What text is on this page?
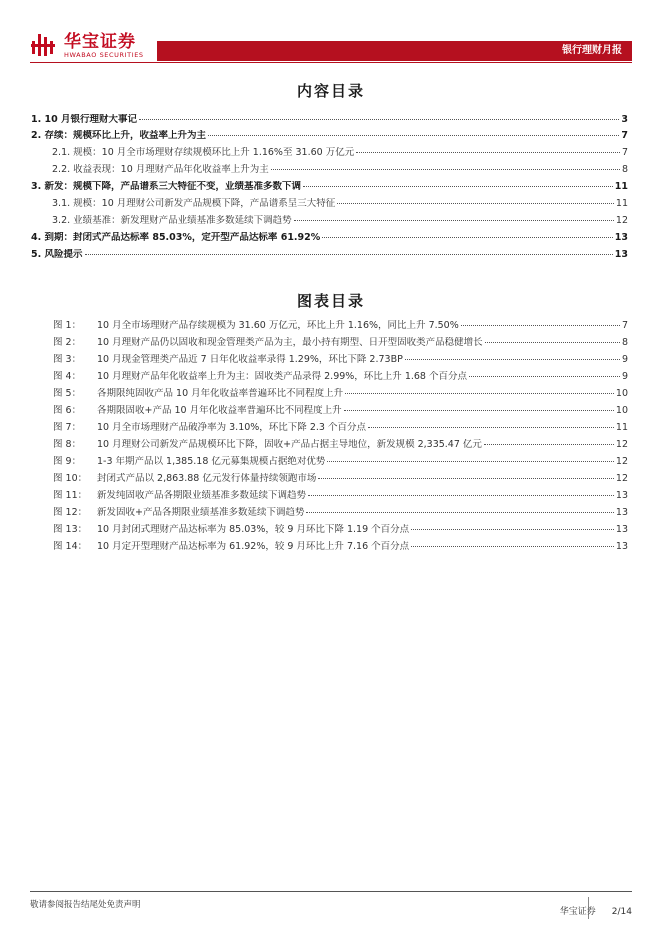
华宝证券
HWABAO SECURITIES	银行理财月报
内容目录
1. 10 月银行理财大事记	3
2. 存续：规模环比上升，收益率上升为主	7
2.1. 规模：10 月全市场理财存续规模环比上升 1.16%至 31.60 万亿元	7
2.2. 收益表现：10 月理财产品年化收益率上升为主	8
3. 新发：规模下降，产品谱系三大特征不变，业绩基准多数下调	11
3.1. 规模：10 月理财公司新发产品规模下降，产品谱系呈三大特征	11
3.2. 业绩基准：新发理财产品业绩基准多数延续下调趋势	12
4. 到期：封闭式产品达标率 85.03%，定开型产品达标率 61.92%	13
5. 风险提示	13
图表目录
图 1：	10 月全市场理财产品存续规模为 31.60 万亿元，环比上升 1.16%，同比上升 7.50%	7
图 2：	10 月理财产品仍以固收和现金管理类产品为主，最小持有期型、日开型固收类产品稳健增长	8
图 3：	10 月现金管理类产品近 7 日年化收益率录得 1.29%，环比下降 2.73BP	9
图 4：	10 月理财产品年化收益率上升为主：固收类产品录得 2.99%，环比上升 1.68 个百分点	9
图 5：	各期限纯固收产品 10 月年化收益率普遍环比不同程度上升	10
图 6：	各期限固收+产品 10 月年化收益率普遍环比不同程度上升	10
图 7：	10 月全市场理财产品破净率为 3.10%，环比下降 2.3 个百分点	11
图 8：	10 月理财公司新发产品规模环比下降，固收+产品占据主导地位，新发规模 2,335.47 亿元	12
图 9：	1-3 年期产品以 1,385.18 亿元募集规模占据绝对优势	12
图 10：	封闭式产品以 2,863.88 亿元发行体量持续领跑市场	12
图 11：	新发纯固收产品各期限业绩基准多数延续下调趋势	13
图 12：	新发固收+产品各期限业绩基准多数延续下调趋势	13
图 13：	10 月封闭式理财产品达标率为 85.03%，较 9 月环比下降 1.19 个百分点	13
图 14：	10 月定开型理财产品达标率为 61.92%，较 9 月环比上升 7.16 个百分点	13
敬请参阅报告结尾处免责声明
华宝证券 2/14
